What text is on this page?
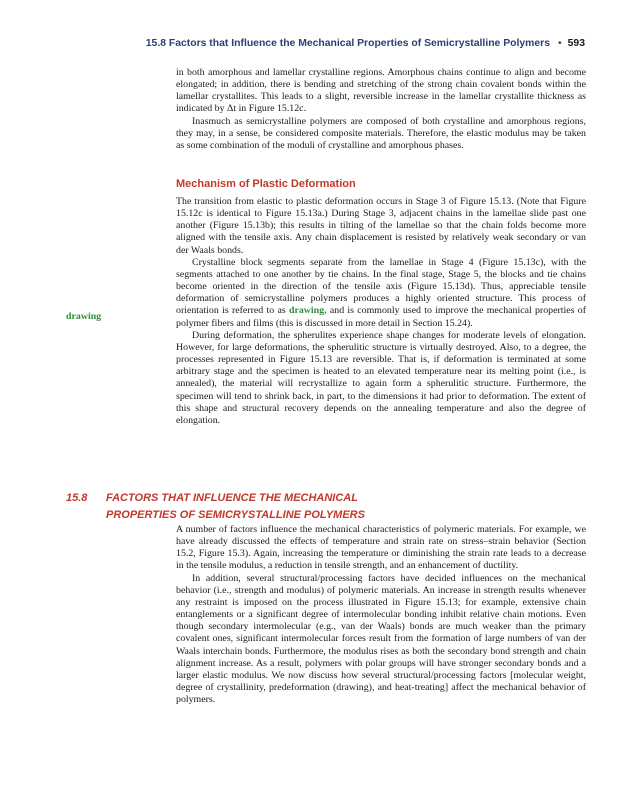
15.8 Factors that Influence the Mechanical Properties of Semicrystalline Polymers • 593

in both amorphous and lamellar crystalline regions. Amorphous chains continue to align and become elongated; in addition, there is bending and stretching of the strong chain covalent bonds within the lamellar crystallites. This leads to a slight, reversible increase in the lamellar crystallite thickness as indicated by Δt in Figure 15.12c.

Inasmuch as semicrystalline polymers are composed of both crystalline and amorphous regions, they may, in a sense, be considered composite materials. Therefore, the elastic modulus may be taken as some combination of the moduli of crystalline and amorphous phases.

Mechanism of Plastic Deformation

The transition from elastic to plastic deformation occurs in Stage 3 of Figure 15.13. (Note that Figure 15.12c is identical to Figure 15.13a.) During Stage 3, adjacent chains in the lamellae slide past one another (Figure 15.13b); this results in tilting of the lamellae so that the chain folds become more aligned with the tensile axis. Any chain displacement is resisted by relatively weak secondary or van der Waals bonds.

Crystalline block segments separate from the lamellae in Stage 4 (Figure 15.13c), with the segments attached to one another by tie chains. In the final stage, Stage 5, the blocks and tie chains become oriented in the direction of the tensile axis (Figure 15.13d). Thus, appreciable tensile deformation of semicrystalline polymers produces a highly oriented structure. This process of orientation is referred to as drawing, and is commonly used to improve the mechanical properties of polymer fibers and films (this is discussed in more detail in Section 15.24).

During deformation, the spherulites experience shape changes for moderate levels of elongation. However, for large deformations, the spherulitic structure is virtually destroyed. Also, to a degree, the processes represented in Figure 15.13 are reversible. That is, if deformation is terminated at some arbitrary stage and the specimen is heated to an elevated temperature near its melting point (i.e., is annealed), the material will recrystallize to again form a spherulitic structure. Furthermore, the specimen will tend to shrink back, in part, to the dimensions it had prior to deformation. The extent of this shape and structural recovery depends on the annealing temperature and also the degree of elongation.

drawing
15.8 FACTORS THAT INFLUENCE THE MECHANICAL
PROPERTIES OF SEMICRYSTALLINE POLYMERS

A number of factors influence the mechanical characteristics of polymeric materials. For example, we have already discussed the effects of temperature and strain rate on stress–strain behavior (Section 15.2, Figure 15.3). Again, increasing the temperature or diminishing the strain rate leads to a decrease in the tensile modulus, a reduction in tensile strength, and an enhancement of ductility.

In addition, several structural/processing factors have decided influences on the mechanical behavior (i.e., strength and modulus) of polymeric materials. An increase in strength results whenever any restraint is imposed on the process illustrated in Figure 15.13; for example, extensive chain entanglements or a significant degree of intermolecular bonding inhibit relative chain motions. Even though secondary intermolecular (e.g., van der Waals) bonds are much weaker than the primary covalent ones, significant intermolecular forces result from the formation of large numbers of van der Waals interchain bonds. Furthermore, the modulus rises as both the secondary bond strength and chain alignment increase. As a result, polymers with polar groups will have stronger secondary bonds and a larger elastic modulus. We now discuss how several structural/processing factors [molecular weight, degree of crystallinity, predeformation (drawing), and heat-treating] affect the mechanical behavior of polymers.
